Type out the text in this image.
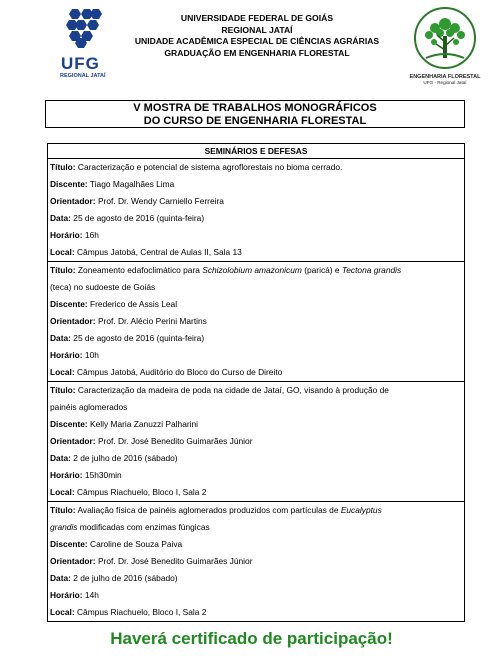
UFG
REGIONAL JATAÍ
UNIVERSIDADE FEDERAL DE GOIÁS
REGIONAL JATAÍ
UNIDADE ACADÊMICA ESPECIAL DE CIÊNCIAS AGRÁRIAS
GRADUAÇÃO EM ENGENHARIA FLORESTAL
ENGENHARIA FLORESTAL
UFG - Regional Jataí
V MOSTRA DE TRABALHOS MONOGRÁFICOS
DO CURSO DE ENGENHARIA FLORESTAL
SEMINÁRIOS E DEFESAS

Título: Caracterização e potencial de sistema agroflorestais no bioma cerrado.
Discente: Tiago Magalhães Lima
Orientador: Prof. Dr. Wendy Carniello Ferreira
Data: 25 de agosto de 2016 (quinta-feira)
Horário: 16h
Local: Câmpus Jatobá, Central de Aulas II, Sala 13

Título: Zoneamento edafoclimático para Schizolobium amazonicum (paricá) e Tectona grandis
(teca) no sudoeste de Goiás
Discente: Frederico de Assis Leal
Orientador: Prof. Dr. Alécio Perini Martins
Data: 25 de agosto de 2016 (quinta-feira)
Horário: 10h
Local: Câmpus Jatobá, Auditório do Bloco do Curso de Direito

Título: Caracterização da madeira de poda na cidade de Jataí, GO, visando à produção de
painéis aglomerados
Discente: Kelly Maria Zanuzzi Palharini
Orientador: Prof. Dr. José Benedito Guimarães Júnior
Data: 2 de julho de 2016 (sábado)
Horário: 15h30min
Local: Câmpus Riachuelo, Bloco I, Sala 2

Título: Avaliação física de painéis aglomerados produzidos com partículas de Eucalyptus
grandis modificadas com enzimas fúngicas
Discente: Caroline de Souza Paiva
Orientador: Prof. Dr. José Benedito Guimarães Júnior
Data: 2 de julho de 2016 (sábado)
Horário: 14h
Local: Câmpus Riachuelo, Bloco I, Sala 2
Haverá certificado de participação!
